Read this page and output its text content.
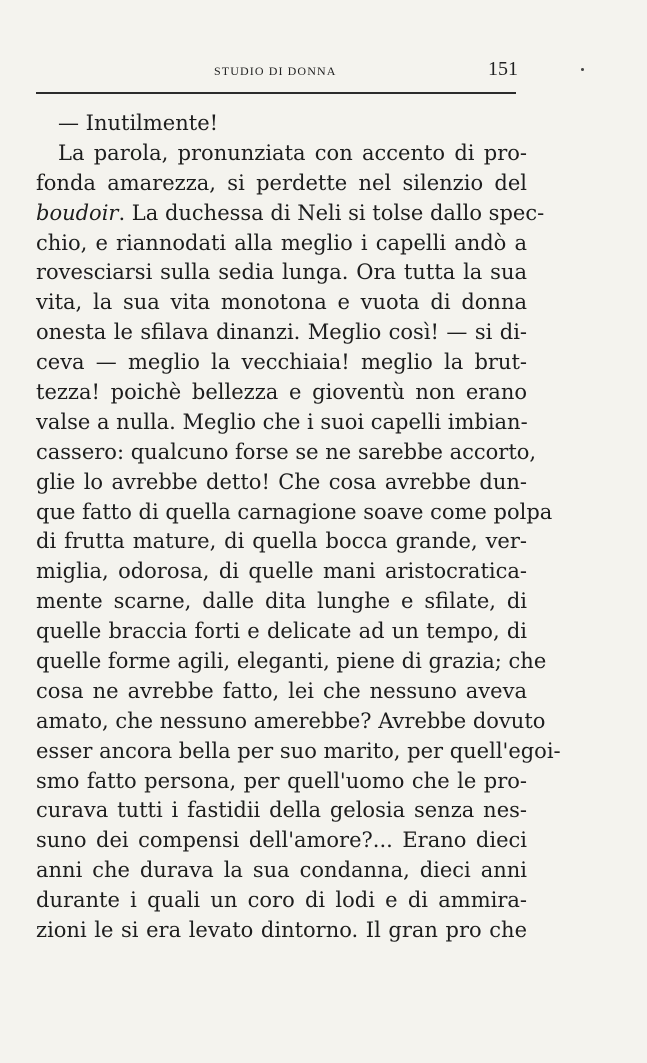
STUDIO DI DONNA	151
— Inutilmente!
La parola, pronunziata con accento di pro-
fonda amarezza, si perdette nel silenzio del
boudoir. La duchessa di Neli si tolse dallo spec-
chio, e riannodati alla meglio i capelli andò a
rovesciarsi sulla sedia lunga. Ora tutta la sua
vita, la sua vita monotona e vuota di donna
onesta le sfilava dinanzi. Meglio così! — si di-
ceva — meglio la vecchiaia! meglio la brut-
tezza! poichè bellezza e gioventù non erano
valse a nulla. Meglio che i suoi capelli imbian-
cassero: qualcuno forse se ne sarebbe accorto,
glie lo avrebbe detto! Che cosa avrebbe dun-
que fatto di quella carnagione soave come polpa
di frutta mature, di quella bocca grande, ver-
miglia, odorosa, di quelle mani aristocratica-
mente scarne, dalle dita lunghe e sfilate, di
quelle braccia forti e delicate ad un tempo, di
quelle forme agili, eleganti, piene di grazia; che
cosa ne avrebbe fatto, lei che nessuno aveva
amato, che nessuno amerebbe? Avrebbe dovuto
esser ancora bella per suo marito, per quell'egoi-
smo fatto persona, per quell'uomo che le pro-
curava tutti i fastidii della gelosia senza nes-
suno dei compensi dell'amore?... Erano dieci
anni che durava la sua condanna, dieci anni
durante i quali un coro di lodi e di ammira-
zioni le si era levato dintorno. Il gran pro che
